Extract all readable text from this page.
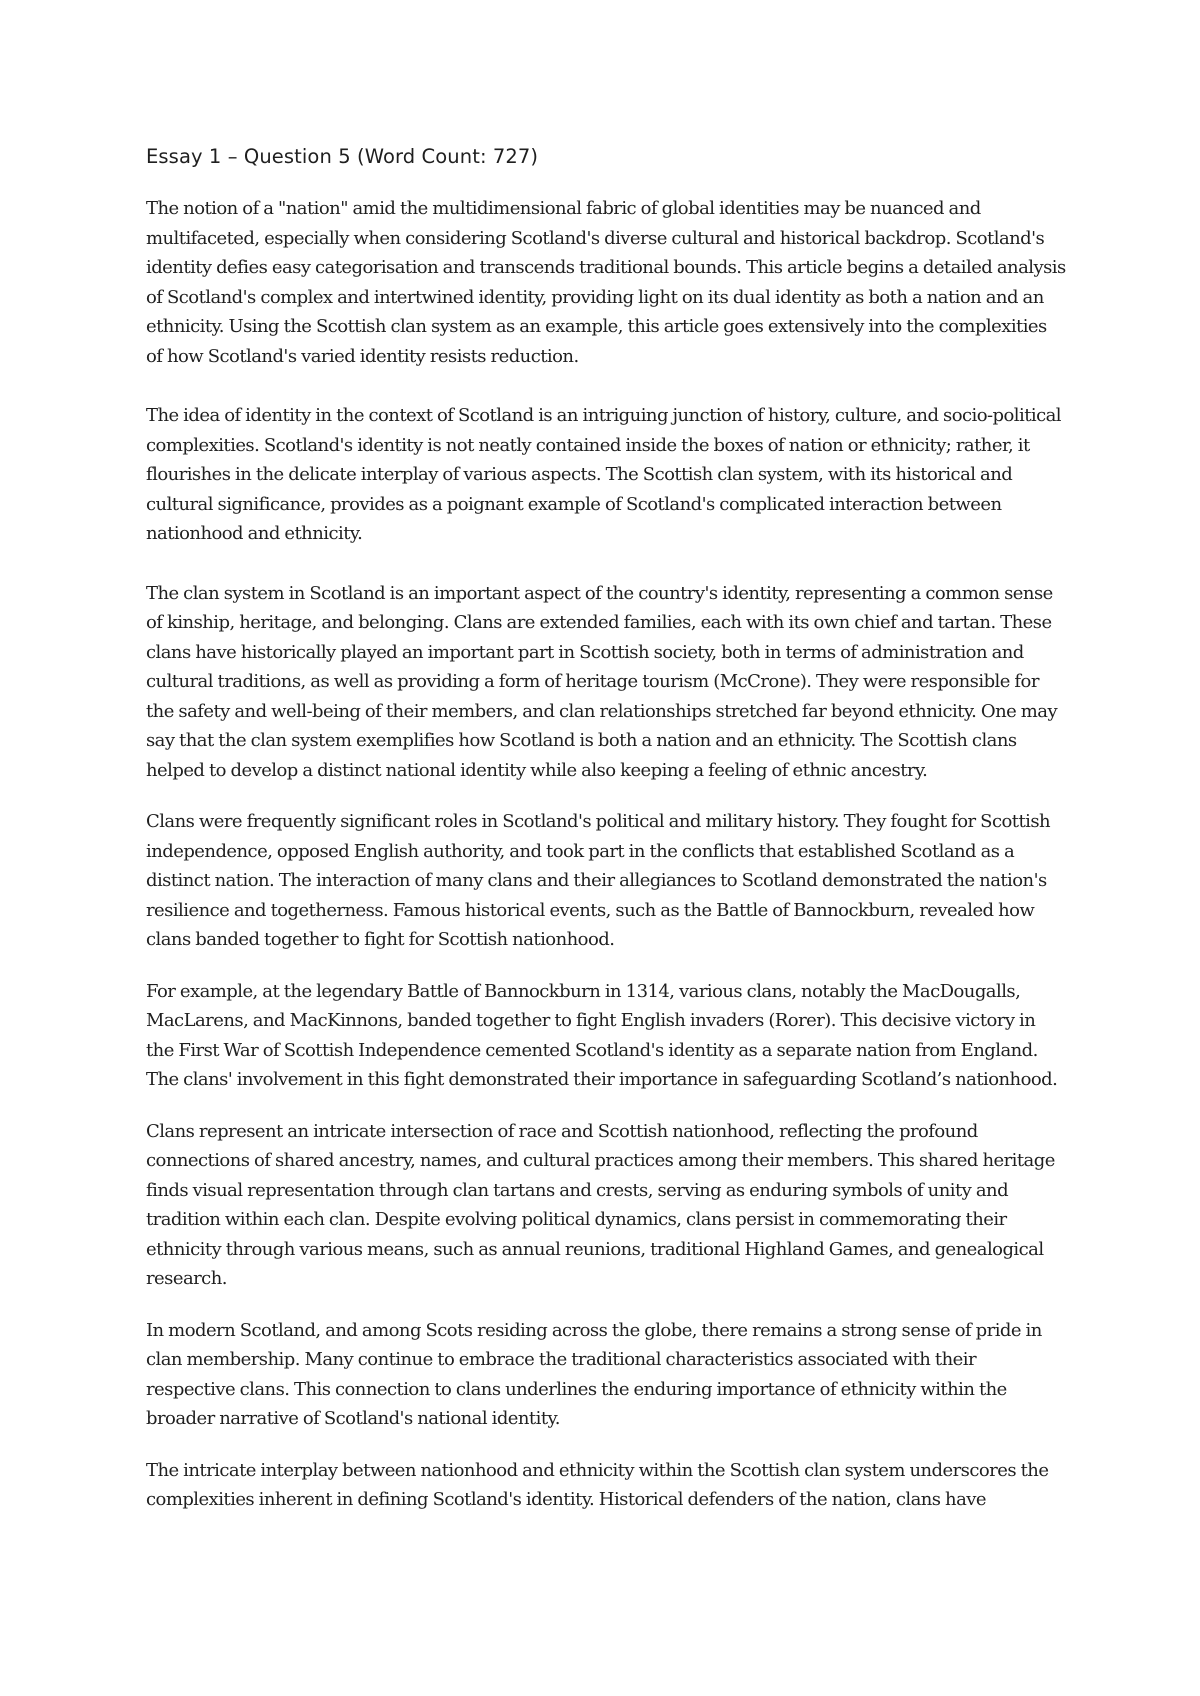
Essay 1 – Question 5 (Word Count: 727)

The notion of a "nation" amid the multidimensional fabric of global identities may be nuanced and multifaceted, especially when considering Scotland's diverse cultural and historical backdrop. Scotland's identity defies easy categorisation and transcends traditional bounds. This article begins a detailed analysis of Scotland's complex and intertwined identity, providing light on its dual identity as both a nation and an ethnicity. Using the Scottish clan system as an example, this article goes extensively into the complexities of how Scotland's varied identity resists reduction.

The idea of identity in the context of Scotland is an intriguing junction of history, culture, and socio-political complexities. Scotland's identity is not neatly contained inside the boxes of nation or ethnicity; rather, it flourishes in the delicate interplay of various aspects. The Scottish clan system, with its historical and cultural significance, provides as a poignant example of Scotland's complicated interaction between nationhood and ethnicity.

The clan system in Scotland is an important aspect of the country's identity, representing a common sense of kinship, heritage, and belonging. Clans are extended families, each with its own chief and tartan. These clans have historically played an important part in Scottish society, both in terms of administration and cultural traditions, as well as providing a form of heritage tourism (McCrone). They were responsible for the safety and well-being of their members, and clan relationships stretched far beyond ethnicity. One may say that the clan system exemplifies how Scotland is both a nation and an ethnicity. The Scottish clans helped to develop a distinct national identity while also keeping a feeling of ethnic ancestry.

Clans were frequently significant roles in Scotland's political and military history. They fought for Scottish independence, opposed English authority, and took part in the conflicts that established Scotland as a distinct nation. The interaction of many clans and their allegiances to Scotland demonstrated the nation's resilience and togetherness. Famous historical events, such as the Battle of Bannockburn, revealed how clans banded together to fight for Scottish nationhood.

For example, at the legendary Battle of Bannockburn in 1314, various clans, notably the MacDougalls, MacLarens, and MacKinnons, banded together to fight English invaders (Rorer). This decisive victory in the First War of Scottish Independence cemented Scotland's identity as a separate nation from England. The clans' involvement in this fight demonstrated their importance in safeguarding Scotland’s nationhood.

Clans represent an intricate intersection of race and Scottish nationhood, reflecting the profound connections of shared ancestry, names, and cultural practices among their members. This shared heritage finds visual representation through clan tartans and crests, serving as enduring symbols of unity and tradition within each clan. Despite evolving political dynamics, clans persist in commemorating their ethnicity through various means, such as annual reunions, traditional Highland Games, and genealogical research.

In modern Scotland, and among Scots residing across the globe, there remains a strong sense of pride in clan membership. Many continue to embrace the traditional characteristics associated with their respective clans. This connection to clans underlines the enduring importance of ethnicity within the broader narrative of Scotland's national identity.

The intricate interplay between nationhood and ethnicity within the Scottish clan system underscores the complexities inherent in defining Scotland's identity. Historical defenders of the nation, clans have
